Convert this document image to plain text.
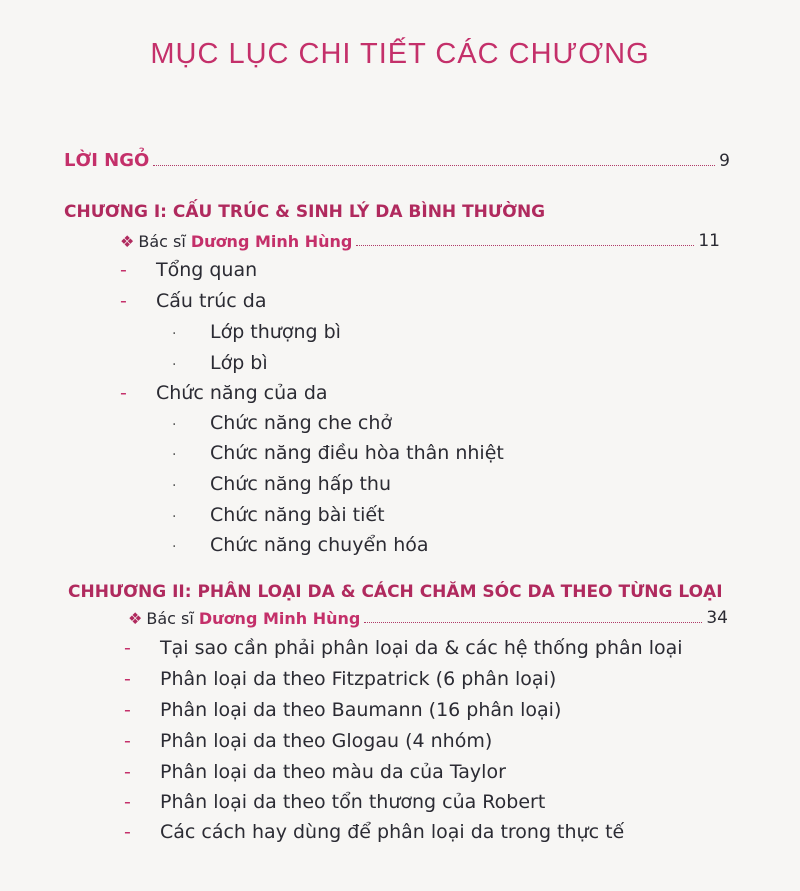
MỤC LỤC CHI TIẾT CÁC CHƯƠNG
LỜI NGỎ	9
CHƯƠNG I: CẤU TRÚC & SINH LÝ DA BÌNH THƯỜNG
❖ Bác sĩ Dương Minh Hùng	11
- Tổng quan
- Cấu trúc da
· Lớp thượng bì
· Lớp bì
- Chức năng của da
· Chức năng che chở
· Chức năng điều hòa thân nhiệt
· Chức năng hấp thu
· Chức năng bài tiết
· Chức năng chuyển hóa
CHHƯƠNG II: PHÂN LOẠI DA & CÁCH CHĂM SÓC DA THEO TỪNG LOẠI
❖ Bác sĩ Dương Minh Hùng	34
- Tại sao cần phải phân loại da & các hệ thống phân loại
- Phân loại da theo Fitzpatrick (6 phân loại)
- Phân loại da theo Baumann (16 phân loại)
- Phân loại da theo Glogau (4 nhóm)
- Phân loại da theo màu da của Taylor
- Phân loại da theo tổn thương của Robert
- Các cách hay dùng để phân loại da trong thực tế
